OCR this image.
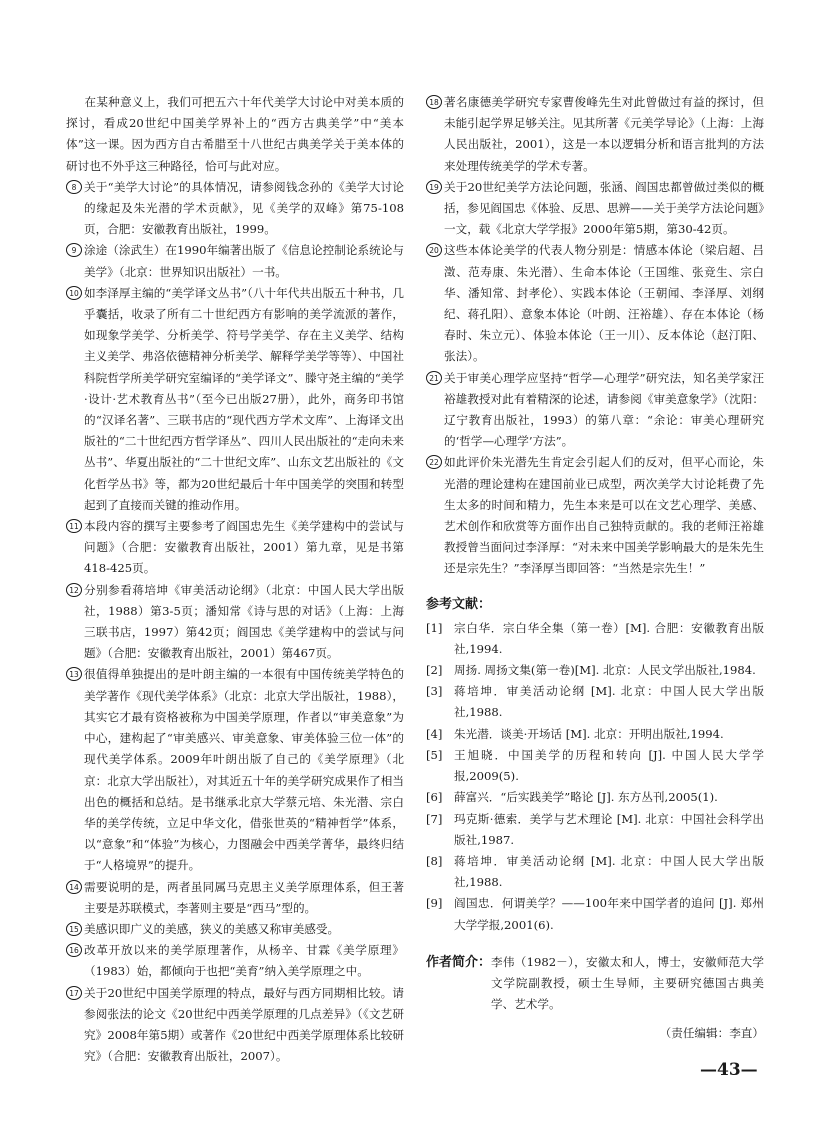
在某种意义上，我们可把五六十年代美学大讨论中对美本质的探讨，看成20世纪中国美学界补上的“西方古典美学”中“美本体”这一课。因为西方自古希腊至十八世纪古典美学关于美本体的研讨也不外乎这三种路径，恰可与此对应。

8 关于“美学大讨论”的具体情况，请参阅钱念孙的《美学大讨论的缘起及朱光潜的学术贡献》，见《美学的双峰》第75-108页，合肥：安徽教育出版社，1999。
9 涂途（涂武生）在1990年编著出版了《信息论控制论系统论与美学》（北京：世界知识出版社）一书。
10 如李泽厚主编的“美学译文丛书”（八十年代共出版五十种书，几乎囊括，收录了所有二十世纪西方有影响的美学流派的著作，如现象学美学、分析美学、符号学美学、存在主义美学、结构主义美学、弗洛依德精神分析美学、解释学美学等等）、中国社科院哲学所美学研究室编译的“美学译文”、滕守尧主编的“美学·设计·艺术教育丛书”（至今已出版27册），此外，商务印书馆的“汉译名著”、三联书店的“现代西方学术文库”、上海译文出版社的“二十世纪西方哲学译丛”、四川人民出版社的“走向未来丛书”、华夏出版社的“二十世纪文库”、山东文艺出版社的《文化哲学丛书》等，都为20世纪最后十年中国美学的突围和转型起到了直接而关键的推动作用。
11 本段内容的撰写主要参考了阎国忠先生《美学建构中的尝试与问题》（合肥：安徽教育出版社，2001）第九章，见是书第418-425页。
12 分别参看蒋培坤《审美活动论纲》（北京：中国人民大学出版社，1988）第3-5页；潘知常《诗与思的对话》（上海：上海三联书店，1997）第42页；阎国忠《美学建构中的尝试与问题》（合肥：安徽教育出版社，2001）第467页。
13 很值得单独提出的是叶朗主编的一本很有中国传统美学特色的美学著作《现代美学体系》（北京：北京大学出版社，1988），其实它才最有资格被称为中国美学原理，作者以“审美意象”为中心，建构起了“审美感兴、审美意象、审美体验三位一体”的现代美学体系。2009年叶朗出版了自己的《美学原理》（北京：北京大学出版社），对其近五十年的美学研究成果作了相当出色的概括和总结。是书继承北京大学蔡元培、朱光潜、宗白华的美学传统，立足中华文化，借张世英的“精神哲学”体系，以“意象”和“体验”为核心，力图融会中西美学菁华，最终归结于“人格境界”的提升。
14 需要说明的是，两者虽同属马克思主义美学原理体系，但王著主要是苏联模式，李著则主要是“西马”型的。
15 美感识即广义的美感，狭义的美感又称审美感受。
16 改革开放以来的美学原理著作，从杨辛、甘霖《美学原理》（1983）始，都倾向于也把“美育”纳入美学原理之中。
17 关于20世纪中国美学原理的特点，最好与西方同期相比较。请参阅张法的论文《20世纪中西美学原理的几点差异》（《文艺研究》2008年第5期）或著作《20世纪中西美学原理体系比较研究》（合肥：安徽教育出版社，2007）。
18 著名康德美学研究专家曹俊峰先生对此曾做过有益的探讨，但未能引起学界足够关注。见其所著《元美学导论》（上海：上海人民出版社，2001），这是一本以逻辑分析和语言批判的方法来处理传统美学的学术专著。
19 关于20世纪美学方法论问题，张涵、阎国忠都曾做过类似的概括，参见阎国忠《体验、反思、思辨——关于美学方法论问题》一文，载《北京大学学报》2000年第5期，第30-42页。
20 这些本体论美学的代表人物分别是：情感本体论（梁启超、吕澂、范寿康、朱光潜）、生命本体论（王国维、张竞生、宗白华、潘知常、封孝伦）、实践本体论（王朝闻、李泽厚、刘纲纪、蒋孔阳）、意象本体论（叶朗、汪裕雄）、存在本体论（杨春时、朱立元）、体验本体论（王一川）、反本体论（赵汀阳、张法）。
21 关于审美心理学应坚持“哲学—心理学”研究法，知名美学家汪裕雄教授对此有着精深的论述，请参阅《审美意象学》（沈阳：辽宁教育出版社，1993）的第八章：“余论：审美心理研究的‘哲学—心理学’方法”。
22 如此评价朱光潜先生肯定会引起人们的反对，但平心而论，朱光潜的理论建构在建国前业已成型，两次美学大讨论耗费了先生太多的时间和精力，先生本来是可以在文艺心理学、美感、艺术创作和欣赏等方面作出自己独特贡献的。我的老师汪裕雄教授曾当面问过李泽厚：“对未来中国美学影响最大的是朱先生还是宗先生？”李泽厚当即回答：“当然是宗先生！”
参考文献：
[1] 宗白华．宗白华全集（第一卷）[M]. 合肥：安徽教育出版社,1994.
[2] 周扬. 周扬文集(第一卷)[M]. 北京：人民文学出版社,1984.
[3] 蒋培坤．审美活动论纲 [M]. 北京：中国人民大学出版社,1988.
[4] 朱光潜．谈美·开场话 [M]. 北京：开明出版社,1994.
[5] 王旭晓．中国美学的历程和转向 [J]. 中国人民大学学报,2009(5).
[6] 薛富兴．“后实践美学”略论 [J]. 东方丛刊,2005(1).
[7] 玛克斯·德索．美学与艺术理论 [M]. 北京：中国社会科学出版社,1987.
[8] 蒋培坤．审美活动论纲 [M]. 北京：中国人民大学出版社,1988.
[9] 阎国忠．何谓美学？——100年来中国学者的追问 [J]. 郑州大学学报,2001(6).
作者简介： 李伟（1982－），安徽太和人，博士，安徽师范大学文学院副教授，硕士生导师，主要研究德国古典美学、艺术学。
（责任编辑：李直）
—43—
